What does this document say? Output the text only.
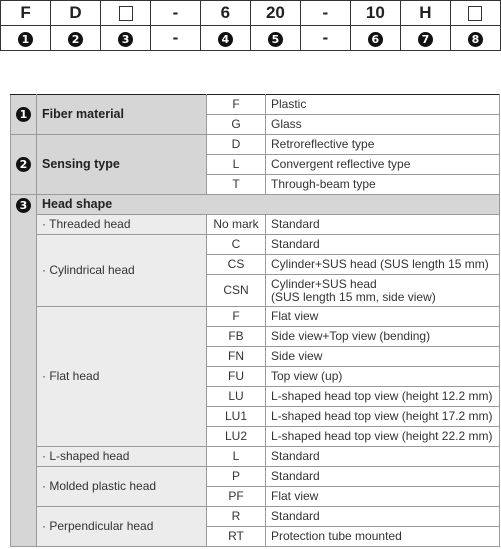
F	D		-	6	20	-	10	H	
1	2	3	-	4	5	-	6	7	8
1	Fiber material	F	Plastic
		G	Glass
2	Sensing type	D	Retroreflective type
		L	Convergent reflective type
		T	Through-beam type
3	Head shape		
	· Threaded head	No mark	Standard
	· Cylindrical head	C	Standard
		CS	Cylinder+SUS head (SUS length 15 mm)
		CSN	Cylinder+SUS head
(SUS length 15 mm, side view)

	· Flat head	F	Flat view
		FB	Side view+Top view (bending)
		FN	Side view
		FU	Top view (up)
		LU	L-shaped head top view (height 12.2 mm)
		LU1	L-shaped head top view (height 17.2 mm)
		LU2	L-shaped head top view (height 22.2 mm)
	· L-shaped head	L	Standard
	· Molded plastic head	P	Standard
		PF	Flat view
	· Perpendicular head	R	Standard
		RT	Protection tube mounted
